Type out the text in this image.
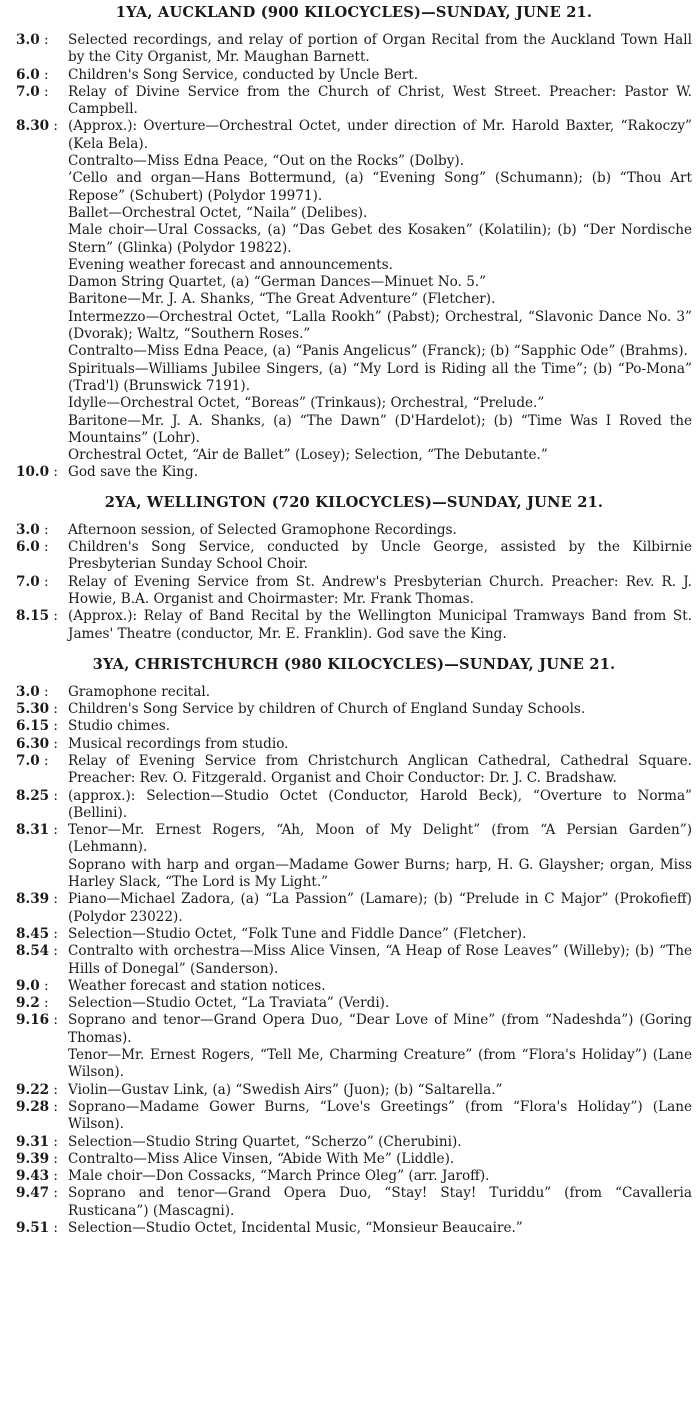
1YA, AUCKLAND (900 KILOCYCLES)—SUNDAY, JUNE 21.
3.0 :	Selected recordings, and relay of portion of Organ Recital from the Auckland Town Hall by the City Organist, Mr. Maughan Barnett.
6.0 :	Children's Song Service, conducted by Uncle Bert.
7.0 :	Relay of Divine Service from the Church of Christ, West Street. Preacher: Pastor W. Campbell.
8.30 :	(Approx.): Overture—Orchestral Octet, under direction of Mr. Harold Baxter, “Rakoczy” (Kela Bela).
Contralto—Miss Edna Peace, “Out on the Rocks” (Dolby).
’Cello and organ—Hans Bottermund, (a) “Evening Song” (Schumann); (b) “Thou Art Repose” (Schubert) (Polydor 19971).
Ballet—Orchestral Octet, “Naila” (Delibes).
Male choir—Ural Cossacks, (a) “Das Gebet des Kosaken” (Kolatilin); (b) “Der Nordische Stern” (Glinka) (Polydor 19822).
Evening weather forecast and announcements.
Damon String Quartet, (a) “German Dances—Minuet No. 5.”
Baritone—Mr. J. A. Shanks, “The Great Adventure” (Fletcher).
Intermezzo—Orchestral Octet, “Lalla Rookh” (Pabst); Orchestral, “Slavonic Dance No. 3” (Dvorak); Waltz, “Southern Roses.”
Contralto—Miss Edna Peace, (a) “Panis Angelicus” (Franck); (b) “Sapphic Ode” (Brahms).
Spirituals—Williams Jubilee Singers, (a) “My Lord is Riding all the Time”; (b) “Po-Mona” (Trad'l) (Brunswick 7191).
Idylle—Orchestral Octet, “Boreas” (Trinkaus); Orchestral, “Prelude.”
Baritone—Mr. J. A. Shanks, (a) “The Dawn” (D'Hardelot); (b) “Time Was I Roved the Mountains” (Lohr).
Orchestral Octet, “Air de Ballet” (Losey); Selection, “The Debutante.”
10.0 :	God save the King.
2YA, WELLINGTON (720 KILOCYCLES)—SUNDAY, JUNE 21.
3.0 :	Afternoon session, of Selected Gramophone Recordings.
6.0 :	Children's Song Service, conducted by Uncle George, assisted by the Kilbirnie Presbyterian Sunday School Choir.
7.0 :	Relay of Evening Service from St. Andrew's Presbyterian Church. Preacher: Rev. R. J. Howie, B.A. Organist and Choirmaster: Mr. Frank Thomas.
8.15 :	(Approx.): Relay of Band Recital by the Wellington Municipal Tramways Band from St. James' Theatre (conductor, Mr. E. Franklin). God save the King.
3YA, CHRISTCHURCH (980 KILOCYCLES)—SUNDAY, JUNE 21.
3.0 :	Gramophone recital.
5.30 :	Children's Song Service by children of Church of England Sunday Schools.
6.15 :	Studio chimes.
6.30 :	Musical recordings from studio.
7.0 :	Relay of Evening Service from Christchurch Anglican Cathedral, Cathedral Square. Preacher: Rev. O. Fitzgerald. Organist and Choir Conductor: Dr. J. C. Bradshaw.
8.25 :	(approx.): Selection—Studio Octet (Conductor, Harold Beck), “Overture to Norma” (Bellini).
8.31 :	Tenor—Mr. Ernest Rogers, “Ah, Moon of My Delight” (from “A Persian Garden”) (Lehmann).
Soprano with harp and organ—Madame Gower Burns; harp, H. G. Glaysher; organ, Miss Harley Slack, “The Lord is My Light.”
8.39 :	Piano—Michael Zadora, (a) “La Passion” (Lamare); (b) “Prelude in C Major” (Prokofieff) (Polydor 23022).
8.45 :	Selection—Studio Octet, “Folk Tune and Fiddle Dance” (Fletcher).
8.54 :	Contralto with orchestra—Miss Alice Vinsen, “A Heap of Rose Leaves” (Willeby); (b) “The Hills of Donegal” (Sanderson).
9.0 :	Weather forecast and station notices.
9.2 :	Selection—Studio Octet, “La Traviata” (Verdi).
9.16 :	Soprano and tenor—Grand Opera Duo, “Dear Love of Mine” (from “Nadeshda”) (Goring Thomas).
Tenor—Mr. Ernest Rogers, “Tell Me, Charming Creature” (from “Flora's Holiday”) (Lane Wilson).
9.22 :	Violin—Gustav Link, (a) “Swedish Airs” (Juon); (b) “Saltarella.”
9.28 :	Soprano—Madame Gower Burns, “Love's Greetings” (from “Flora's Holiday”) (Lane Wilson).
9.31 :	Selection—Studio String Quartet, “Scherzo” (Cherubini).
9.39 :	Contralto—Miss Alice Vinsen, “Abide With Me” (Liddle).
9.43 :	Male choir—Don Cossacks, “March Prince Oleg” (arr. Jaroff).
9.47 :	Soprano and tenor—Grand Opera Duo, “Stay! Stay! Turiddu” (from “Cavalleria Rusticana”) (Mascagni).
9.51 :	Selection—Studio Octet, Incidental Music, “Monsieur Beaucaire.”
